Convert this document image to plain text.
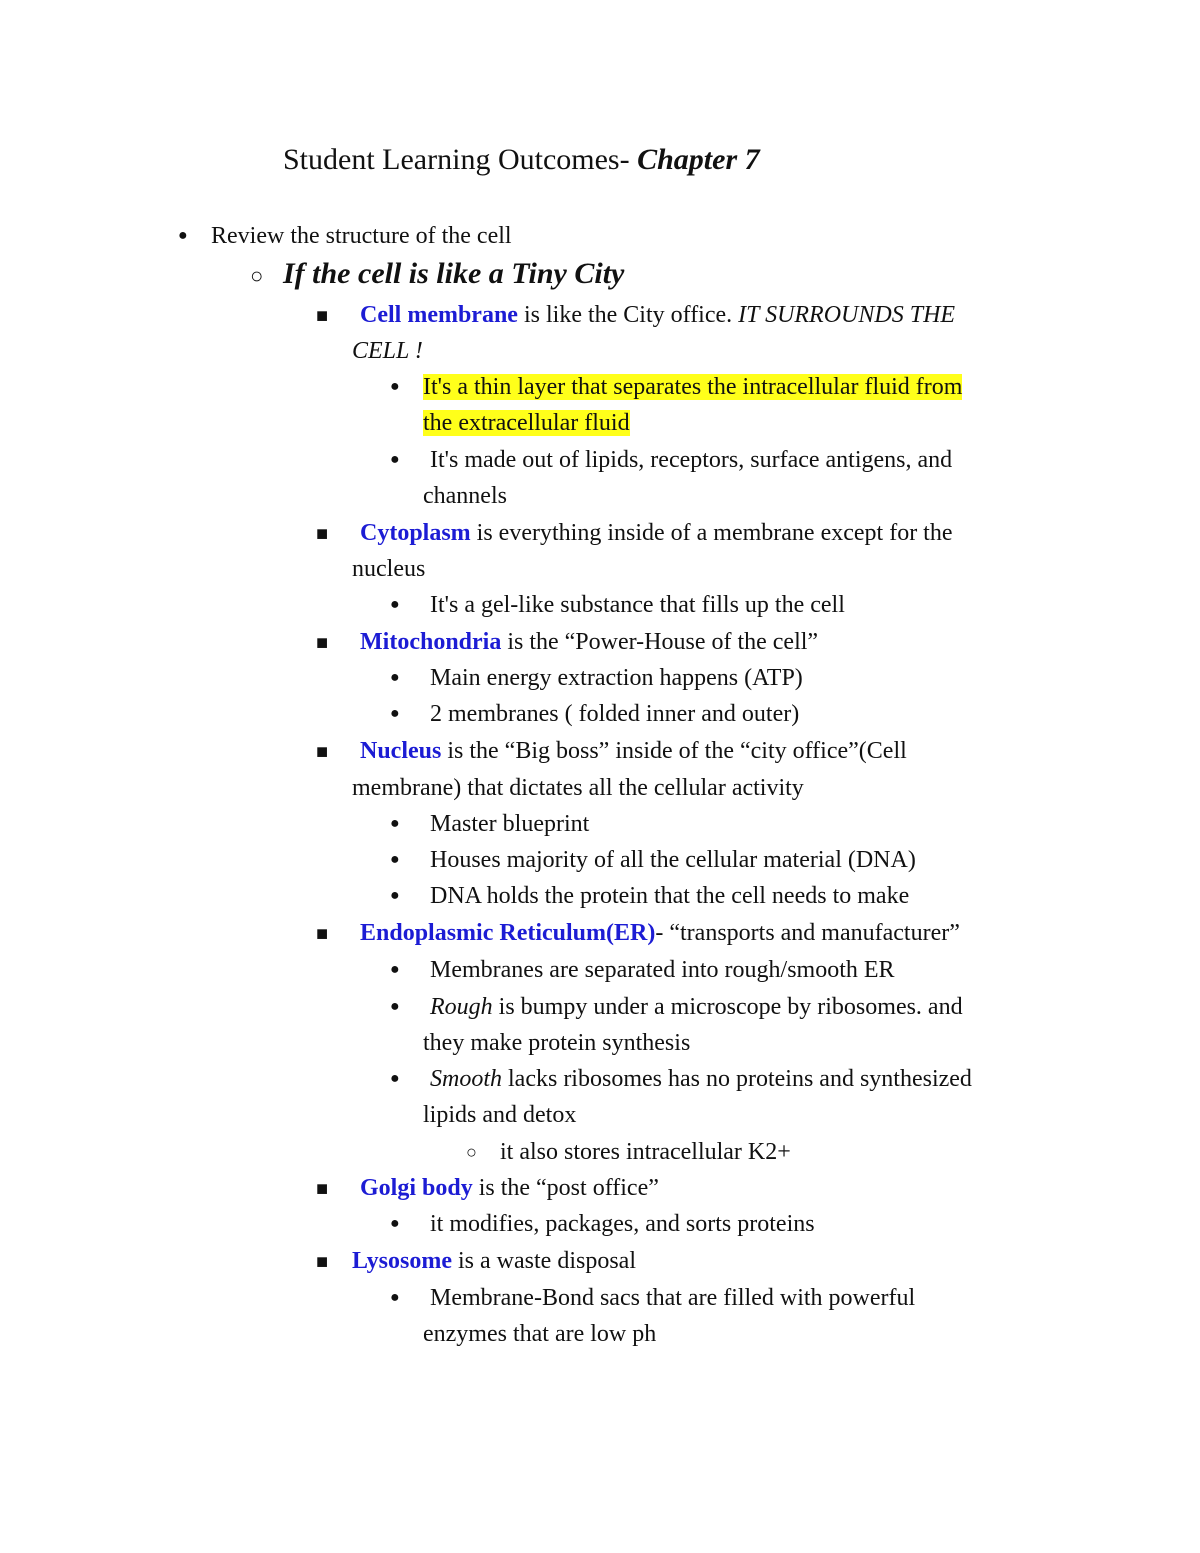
Student Learning Outcomes- Chapter 7
● Review the structure of the cell
○ If the cell is like a Tiny City
■ Cell membrane is like the City office. IT SURROUNDS THE
CELL !
● It's a thin layer that separates the intracellular fluid from
the extracellular fluid
● It's made out of lipids, receptors, surface antigens, and
channels
■ Cytoplasm is everything inside of a membrane except for the
nucleus
● It's a gel-like substance that fills up the cell
■ Mitochondria is the “Power-House of the cell”
● Main energy extraction happens (ATP)
● 2 membranes ( folded inner and outer)
■ Nucleus is the “Big boss” inside of the “city office”(Cell
membrane) that dictates all the cellular activity
● Master blueprint
● Houses majority of all the cellular material (DNA)
● DNA holds the protein that the cell needs to make
■ Endoplasmic Reticulum(ER)- “transports and manufacturer”
● Membranes are separated into rough/smooth ER
● Rough is bumpy under a microscope by ribosomes. and
they make protein synthesis
● Smooth lacks ribosomes has no proteins and synthesized
lipids and detox
○ it also stores intracellular K2+
■ Golgi body is the “post office”
● it modifies, packages, and sorts proteins
■ Lysosome is a waste disposal
● Membrane-Bond sacs that are filled with powerful
enzymes that are low ph
